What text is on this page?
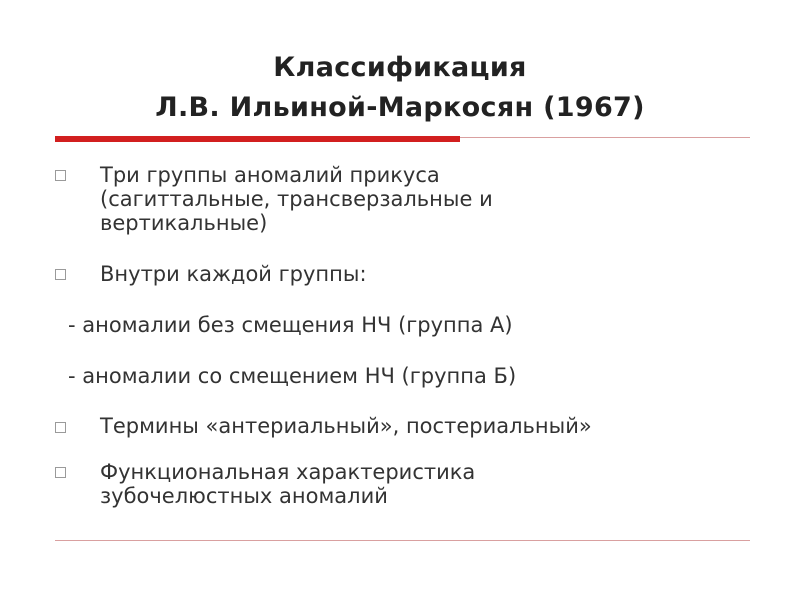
Классификация
Л.В. Ильиной-Маркосян (1967)
Три группы аномалий прикуса
(сагиттальные, трансверзальные и
вертикальные)
Внутри каждой группы:
- аномалии без смещения НЧ (группа А)
- аномалии со смещением НЧ (группа Б)
Термины «антериальный», постериальный»
Функциональная характеристика
зубочелюстных аномалий
